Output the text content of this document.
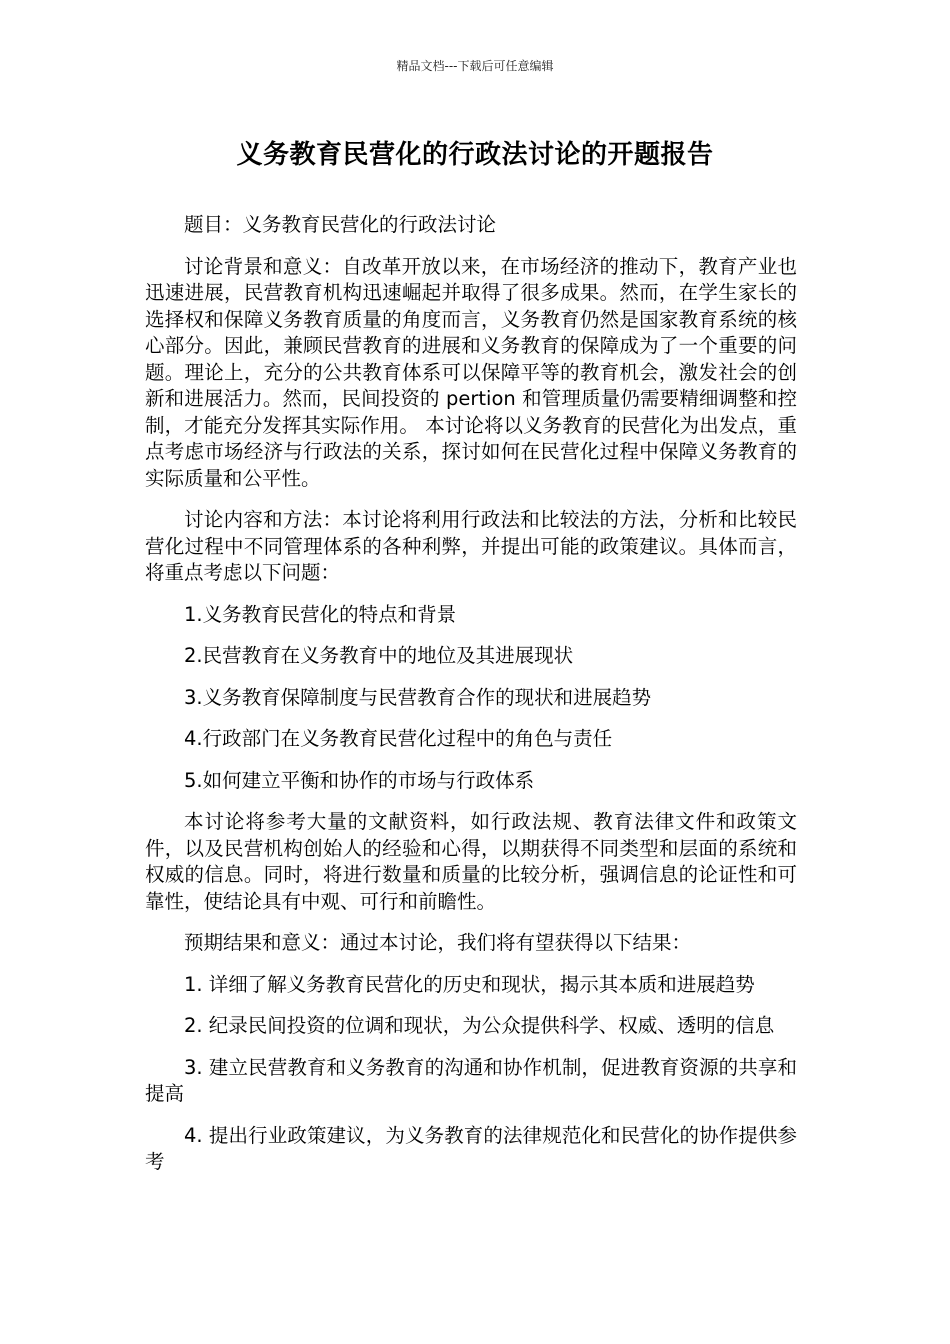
精品文档---下载后可任意编辑
义务教育民营化的行政法讨论的开题报告

题目：义务教育民营化的行政法讨论

讨论背景和意义：自改革开放以来，在市场经济的推动下，教育产业也迅速进展，民营教育机构迅速崛起并取得了很多成果。然而，在学生家长的选择权和保障义务教育质量的角度而言，义务教育仍然是国家教育系统的核心部分。因此，兼顾民营教育的进展和义务教育的保障成为了一个重要的问题。理论上，充分的公共教育体系可以保障平等的教育机会，激发社会的创新和进展活力。然而，民间投资的 pertion 和管理质量仍需要精细调整和控制，才能充分发挥其实际作用。 本讨论将以义务教育的民营化为出发点，重点考虑市场经济与行政法的关系，探讨如何在民营化过程中保障义务教育的实际质量和公平性。

讨论内容和方法：本讨论将利用行政法和比较法的方法，分析和比较民营化过程中不同管理体系的各种利弊，并提出可能的政策建议。具体而言，将重点考虑以下问题：

1.义务教育民营化的特点和背景
2.民营教育在义务教育中的地位及其进展现状
3.义务教育保障制度与民营教育合作的现状和进展趋势
4.行政部门在义务教育民营化过程中的角色与责任
5.如何建立平衡和协作的市场与行政体系

本讨论将参考大量的文献资料，如行政法规、教育法律文件和政策文件，以及民营机构创始人的经验和心得，以期获得不同类型和层面的系统和权威的信息。同时，将进行数量和质量的比较分析，强调信息的论证性和可靠性，使结论具有中观、可行和前瞻性。

预期结果和意义：通过本讨论，我们将有望获得以下结果：

1. 详细了解义务教育民营化的历史和现状，揭示其本质和进展趋势
2. 纪录民间投资的位调和现状，为公众提供科学、权威、透明的信息
3. 建立民营教育和义务教育的沟通和协作机制，促进教育资源的共享和提高
4. 提出行业政策建议，为义务教育的法律规范化和民营化的协作提供参考
